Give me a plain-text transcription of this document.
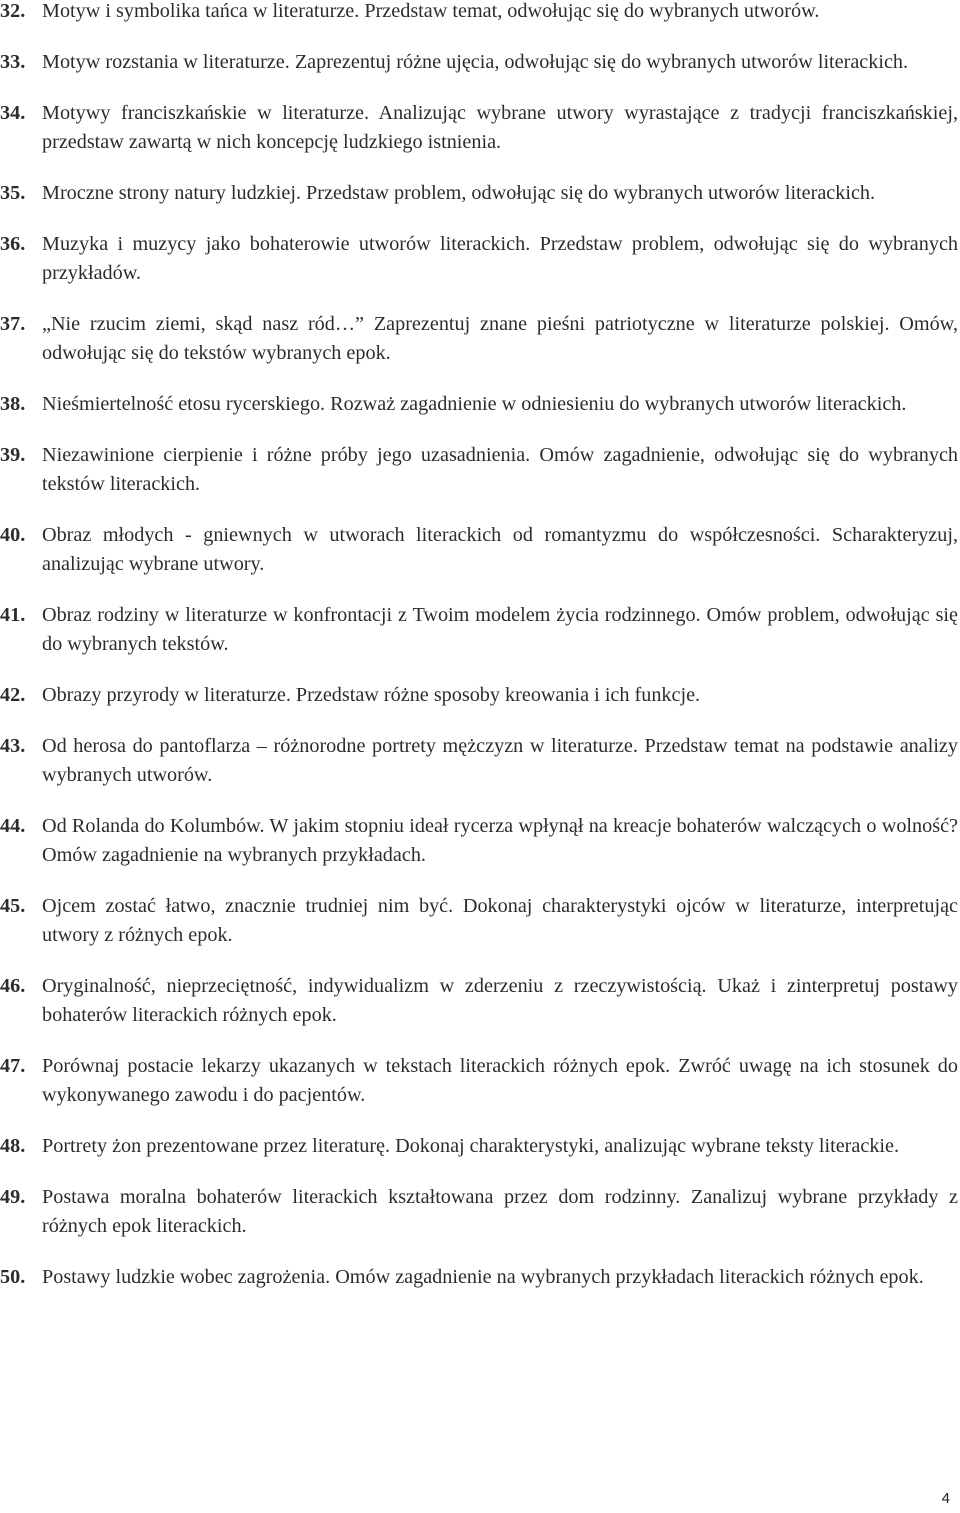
32. Motyw i symbolika tańca w literaturze. Przedstaw temat, odwołując się do wybranych utworów.
33. Motyw rozstania w literaturze. Zaprezentuj różne ujęcia, odwołując się do wybranych utworów literackich.
34. Motywy franciszkańskie w literaturze. Analizując wybrane utwory wyrastające z tradycji franciszkańskiej, przedstaw zawartą w nich koncepcję ludzkiego istnienia.
35. Mroczne strony natury ludzkiej. Przedstaw problem, odwołując się do wybranych utworów literackich.
36. Muzyka i muzycy jako bohaterowie utworów literackich. Przedstaw problem, odwołując się do wybranych przykładów.
37. „Nie rzucim ziemi, skąd nasz ród…” Zaprezentuj znane pieśni patriotyczne w literaturze polskiej. Omów, odwołując się do tekstów wybranych epok.
38. Nieśmiertelność etosu rycerskiego. Rozważ zagadnienie w odniesieniu do wybranych utworów literackich.
39. Niezawinione cierpienie i różne próby jego uzasadnienia. Omów zagadnienie, odwołując się do wybranych tekstów literackich.
40. Obraz młodych - gniewnych w utworach literackich od romantyzmu do współczesności. Scharakteryzuj, analizując wybrane utwory.
41. Obraz rodziny w literaturze w konfrontacji z Twoim modelem życia rodzinnego. Omów problem, odwołując się do wybranych tekstów.
42. Obrazy przyrody w literaturze. Przedstaw różne sposoby kreowania i ich funkcje.
43. Od herosa do pantoflarza – różnorodne portrety mężczyzn w literaturze. Przedstaw temat na podstawie analizy wybranych utworów.
44. Od Rolanda do Kolumbów. W jakim stopniu ideał rycerza wpłynął na kreacje bohaterów walczących o wolność? Omów zagadnienie na wybranych przykładach.
45. Ojcem zostać łatwo, znacznie trudniej nim być. Dokonaj charakterystyki ojców w literaturze, interpretując utwory z różnych epok.
46. Oryginalność, nieprzeciętność, indywidualizm w zderzeniu z rzeczywistością. Ukaż i zinterpretuj postawy bohaterów literackich różnych epok.
47. Porównaj postacie lekarzy ukazanych w tekstach literackich różnych epok. Zwróć uwagę na ich stosunek do wykonywanego zawodu i do pacjentów.
48. Portrety żon prezentowane przez literaturę. Dokonaj charakterystyki, analizując wybrane teksty literackie.
49. Postawa moralna bohaterów literackich kształtowana przez dom rodzinny. Zanalizuj wybrane przykłady z różnych epok literackich.
50. Postawy ludzkie wobec zagrożenia. Omów zagadnienie na wybranych przykładach literackich różnych epok.
4
